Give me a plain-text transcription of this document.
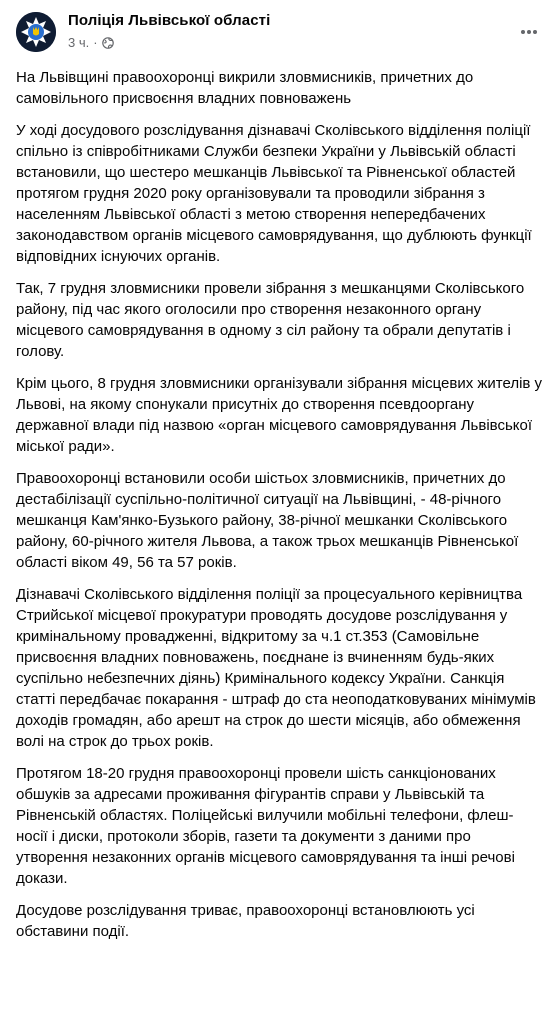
Поліція Львівської області
3 ч. ·

На Львівщині правоохоронці викрили зловмисників, причетних до самовільного присвоєння владних повноважень

У ході досудового розслідування дізнавачі Сколівського відділення поліції спільно із співробітниками Служби безпеки України у Львівській області встановили, що шестеро мешканців Львівської та Рівненської областей протягом грудня 2020 року організовували та проводили зібрання з населенням Львівської області з метою створення непередбачених законодавством органів місцевого самоврядування, що дублюють функції відповідних існуючих органів.

Так, 7 грудня зловмисники провели зібрання з мешканцями Сколівського району, під час якого оголосили про створення незаконного органу місцевого самоврядування в одному з сіл району та обрали депутатів і голову.

Крім цього, 8 грудня зловмисники організували зібрання місцевих жителів у Львові, на якому спонукали присутніх до створення псевдооргану державної влади під назвою «орган місцевого самоврядування Львівської міської ради».

Правоохоронці встановили особи шістьох зловмисників, причетних до дестабілізації суспільно-політичної ситуації на Львівщині, - 48-річного мешканця Кам'янко-Бузького району, 38-річної мешканки Сколівського району, 60-річного жителя Львова, а також трьох мешканців Рівненської області віком 49, 56 та 57 років.

Дізнавачі Сколівського відділення поліції за процесуального керівництва Стрийської місцевої прокуратури проводять досудове розслідування у кримінальному провадженні, відкритому за ч.1 ст.353 (Самовільне присвоєння владних повноважень, поєднане із вчиненням будь-яких суспільно небезпечних діянь) Кримінального кодексу України. Санкція статті передбачає покарання - штраф до ста неоподатковуваних мінімумів доходів громадян, або арешт на строк до шести місяців, або обмеження волі на строк до трьох років.

Протягом 18-20 грудня правоохоронці провели шість санкціонованих обшуків за адресами проживання фігурантів справи у Львівській та Рівненській областях. Поліцейські вилучили мобільні телефони, флеш-носії і диски, протоколи зборів, газети та документи з даними про утворення незаконних органів місцевого самоврядування та інші речові докази.

Досудове розслідування триває, правоохоронці встановлюють усі обставини події.
